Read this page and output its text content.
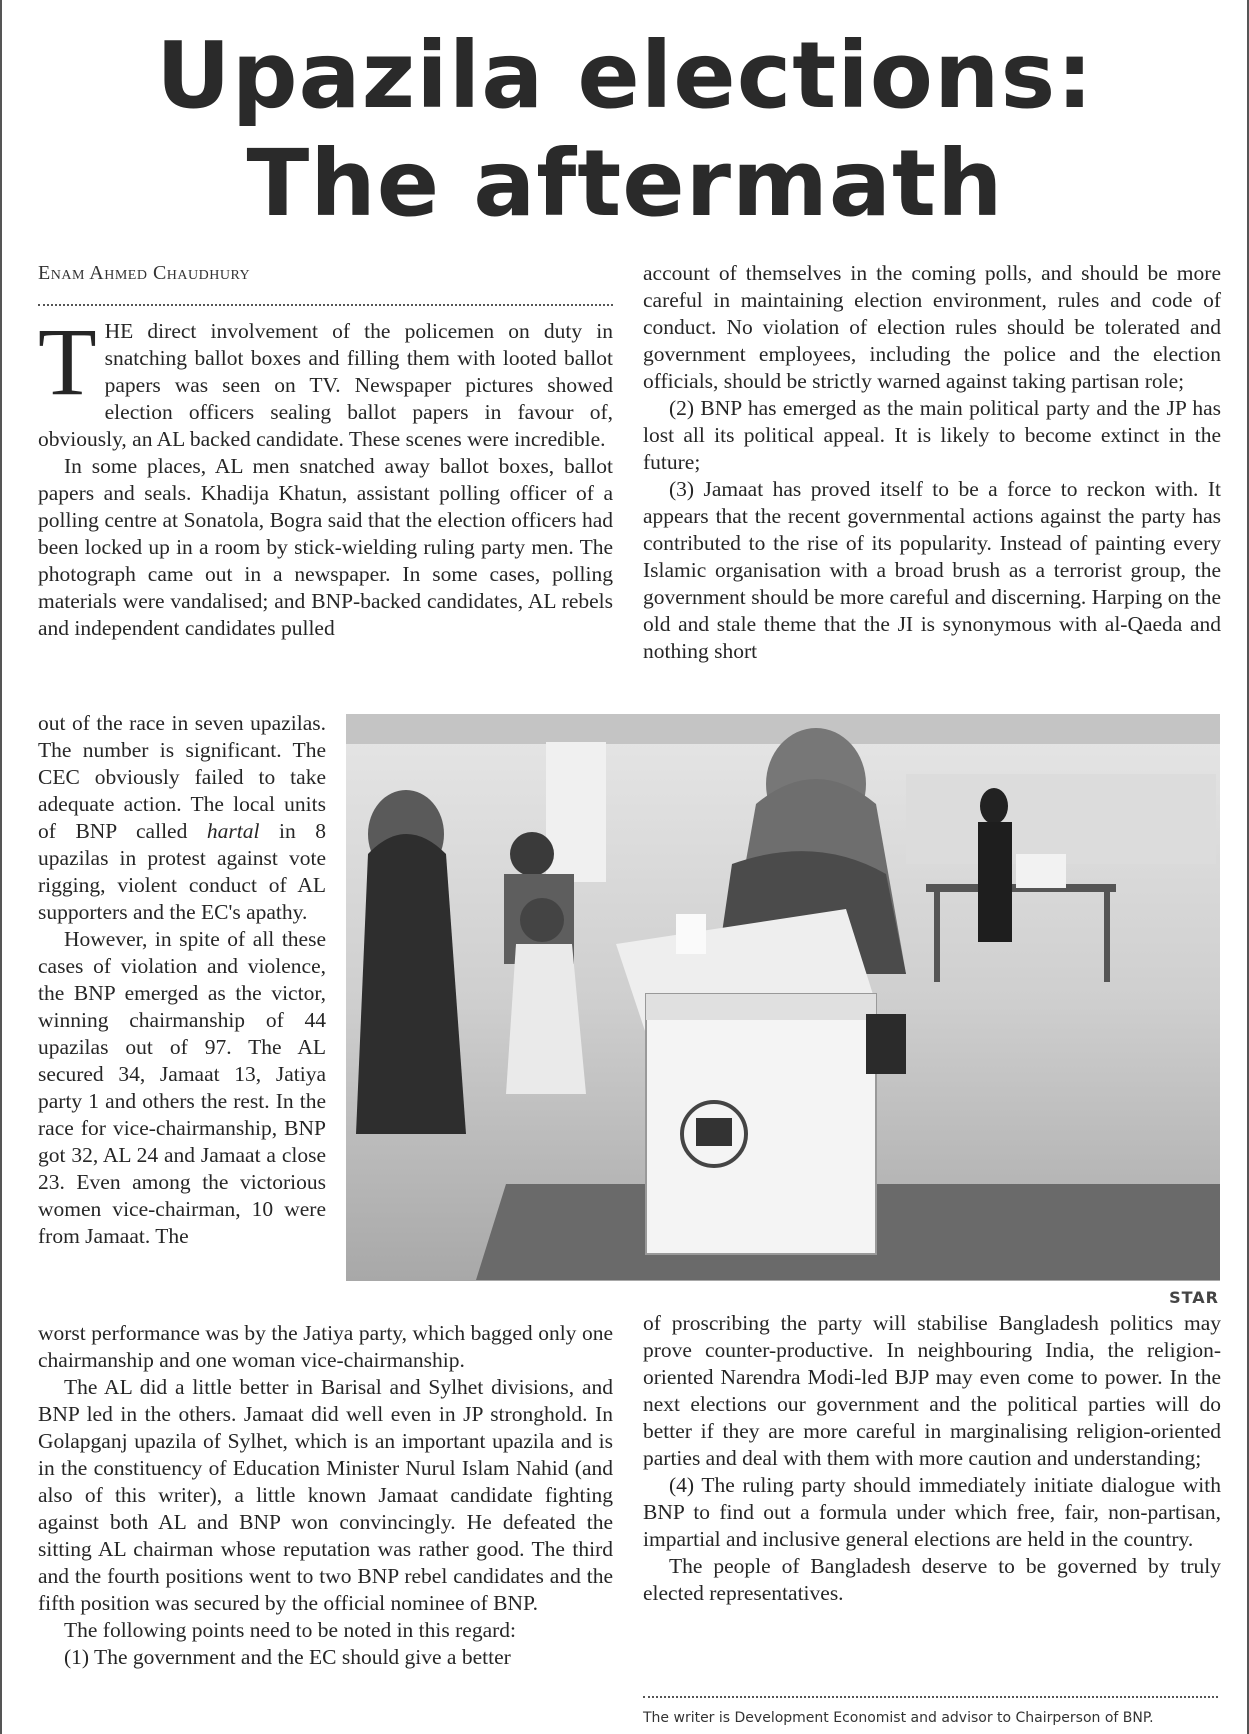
Upazila elections:
The aftermath
Enam Ahmed Chaudhury

THE direct involvement of the policemen on duty in snatching ballot boxes and filling them with looted ballot papers was seen on TV. Newspaper pictures showed election officers sealing ballot papers in favour of, obviously, an AL backed candidate. These scenes were incredible.

In some places, AL men snatched away ballot boxes, ballot papers and seals. Khadija Khatun, assistant polling officer of a polling centre at Sonatola, Bogra said that the election officers had been locked up in a room by stick-wielding ruling party men. The photograph came out in a newspaper. In some cases, polling materials were vandalised; and BNP-backed candidates, AL rebels and independent candidates pulled

out of the race in seven upazilas. The number is significant. The CEC obviously failed to take adequate action. The local units of BNP called hartal in 8 upazilas in protest against vote rigging, violent conduct of AL supporters and the EC's apathy.

However, in spite of all these cases of violation and violence, the BNP emerged as the victor, winning chairmanship of 44 upazilas out of 97. The AL secured 34, Jamaat 13, Jatiya party 1 and others the rest. In the race for vice-chairmanship, BNP got 32, AL 24 and Jamaat a close 23. Even among the victorious women vice-chairman, 10 were from Jamaat. The

worst performance was by the Jatiya party, which bagged only one chairmanship and one woman vice-chairmanship.

The AL did a little better in Barisal and Sylhet divisions, and BNP led in the others. Jamaat did well even in JP stronghold. In Golapganj upazila of Sylhet, which is an important upazila and is in the constituency of Education Minister Nurul Islam Nahid (and also of this writer), a little known Jamaat candidate fighting against both AL and BNP won convincingly. He defeated the sitting AL chairman whose reputation was rather good. The third and the fourth positions went to two BNP rebel candidates and the fifth position was secured by the official nominee of BNP.

The following points need to be noted in this regard:

(1) The government and the EC should give a better

account of themselves in the coming polls, and should be more careful in maintaining election environment, rules and code of conduct. No violation of election rules should be tolerated and government employees, including the police and the election officials, should be strictly warned against taking partisan role;

(2) BNP has emerged as the main political party and the JP has lost all its political appeal. It is likely to become extinct in the future;

(3) Jamaat has proved itself to be a force to reckon with. It appears that the recent governmental actions against the party has contributed to the rise of its popularity. Instead of painting every Islamic organisation with a broad brush as a terrorist group, the government should be more careful and discerning. Harping on the old and stale theme that the JI is synonymous with al-Qaeda and nothing short

STAR

of proscribing the party will stabilise Bangladesh politics may prove counter-productive. In neighbouring India, the religion-oriented Narendra Modi-led BJP may even come to power. In the next elections our government and the political parties will do better if they are more careful in marginalising religion-oriented parties and deal with them with more caution and understanding;

(4) The ruling party should immediately initiate dialogue with BNP to find out a formula under which free, fair, non-partisan, impartial and inclusive general elections are held in the country.

The people of Bangladesh deserve to be governed by truly elected representatives.

The writer is Development Economist and advisor to Chairperson of BNP.
